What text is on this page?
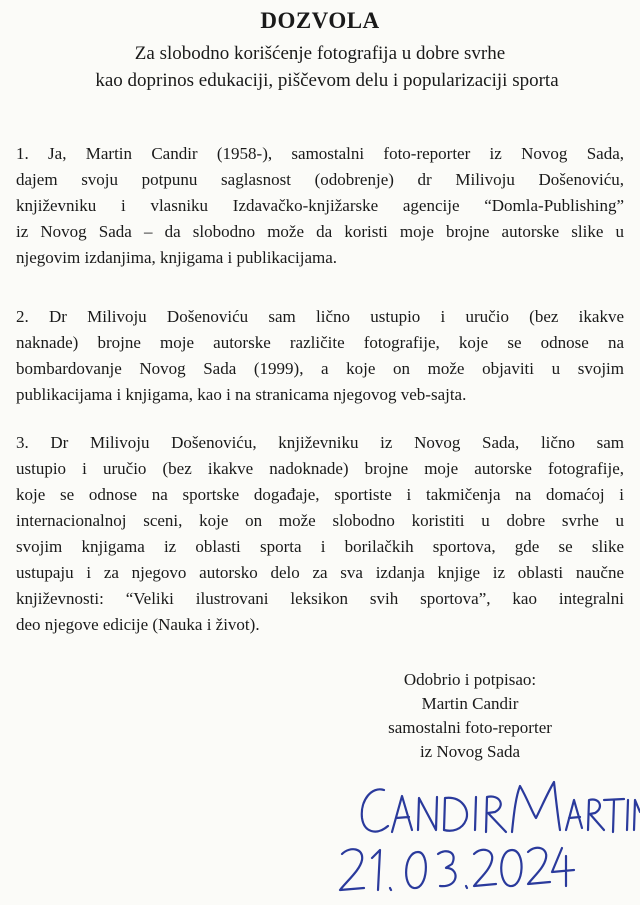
DOZVOLA
Za slobodno korišćenje fotografija u dobre svrhe
kao doprinos edukaciji, piščevom delu i popularizaciji sporta
1. Ja, Martin Candir (1958-), samostalni foto-reporter iz Novog Sada,
dajem svoju potpunu saglasnost (odobrenje) dr Milivoju Došenoviću,
književniku i vlasniku Izdavačko-knjižarske agencije “Domla-Publishing”
iz Novog Sada – da slobodno može da koristi moje brojne autorske slike u
njegovim izdanjima, knjigama i publikacijama.
2. Dr Milivoju Došenoviću sam lično ustupio i uručio (bez ikakve
naknade) brojne moje autorske različite fotografije, koje se odnose na
bombardovanje Novog Sada (1999), a koje on može objaviti u svojim
publikacijama i knjigama, kao i na stranicama njegovog veb-sajta.
3. Dr Milivoju Došenoviću, književniku iz Novog Sada, lično sam
ustupio i uručio (bez ikakve nadoknade) brojne moje autorske fotografije,
koje se odnose na sportske događaje, sportiste i takmičenja na domaćoj i
internacionalnoj sceni, koje on može slobodno koristiti u dobre svrhe u
svojim knjigama iz oblasti sporta i borilačkih sportova, gde se slike
ustupaju i za njegovo autorsko delo za sva izdanja knjige iz oblasti naučne
književnosti: “Veliki ilustrovani leksikon svih sportova”, kao integralni
deo njegove edicije (Nauka i život).
Odobrio i potpisao:
Martin Candir
samostalni foto-reporter
iz Novog Sada
